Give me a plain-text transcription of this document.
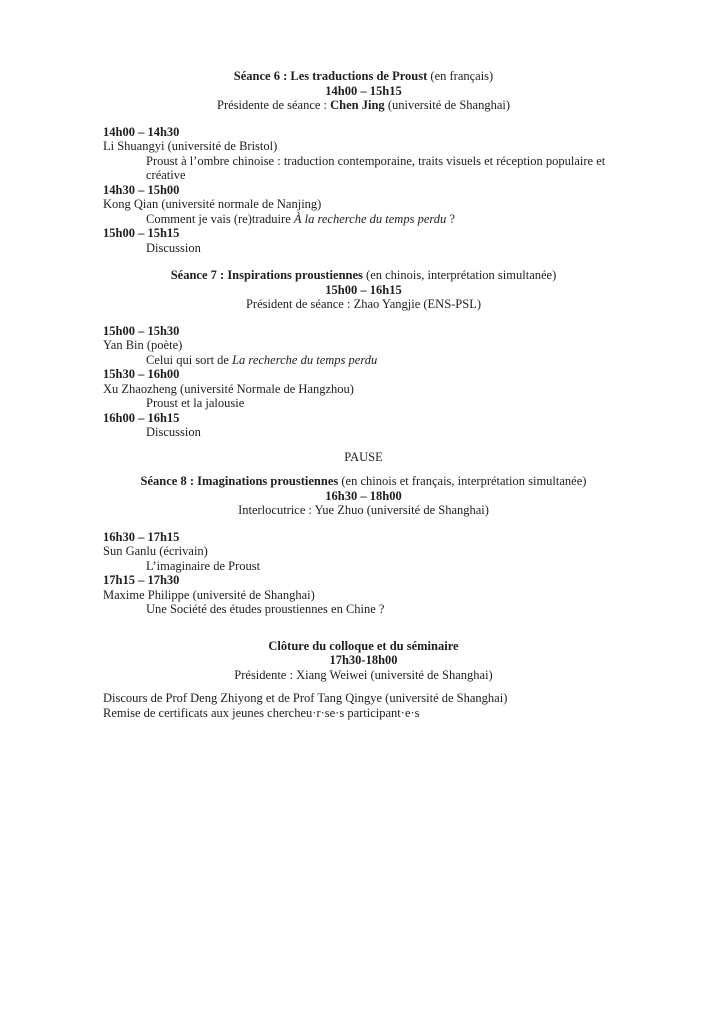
Séance 6 : Les traductions de Proust (en français)
14h00 – 15h15
Présidente de séance : Chen Jing (université de Shanghai)
14h00 – 14h30
Li Shuangyi (université de Bristol)
Proust à l’ombre chinoise : traduction contemporaine, traits visuels et réception populaire et créative
14h30 – 15h00
Kong Qian (université normale de Nanjing)
Comment je vais (re)traduire À la recherche du temps perdu ?
15h00 – 15h15
Discussion
Séance 7 : Inspirations proustiennes (en chinois, interprétation simultanée)
15h00 – 16h15
Président de séance : Zhao Yangjie (ENS-PSL)
15h00 – 15h30
Yan Bin (poète)
Celui qui sort de La recherche du temps perdu
15h30 – 16h00
Xu Zhaozheng (université Normale de Hangzhou)
Proust et la jalousie
16h00 – 16h15
Discussion
PAUSE
Séance 8 : Imaginations proustiennes (en chinois et français, interprétation simultanée)
16h30 – 18h00
Interlocutrice : Yue Zhuo (université de Shanghai)
16h30 – 17h15
Sun Ganlu (écrivain)
L’imaginaire de Proust
17h15 – 17h30
Maxime Philippe (université de Shanghai)
Une Société des études proustiennes en Chine ?
Clôture du colloque et du séminaire
17h30-18h00
Présidente : Xiang Weiwei (université de Shanghai)
Discours de Prof Deng Zhiyong et de Prof Tang Qingye (université de Shanghai)
Remise de certificats aux jeunes chercheu·r·se·s participant·e·s
